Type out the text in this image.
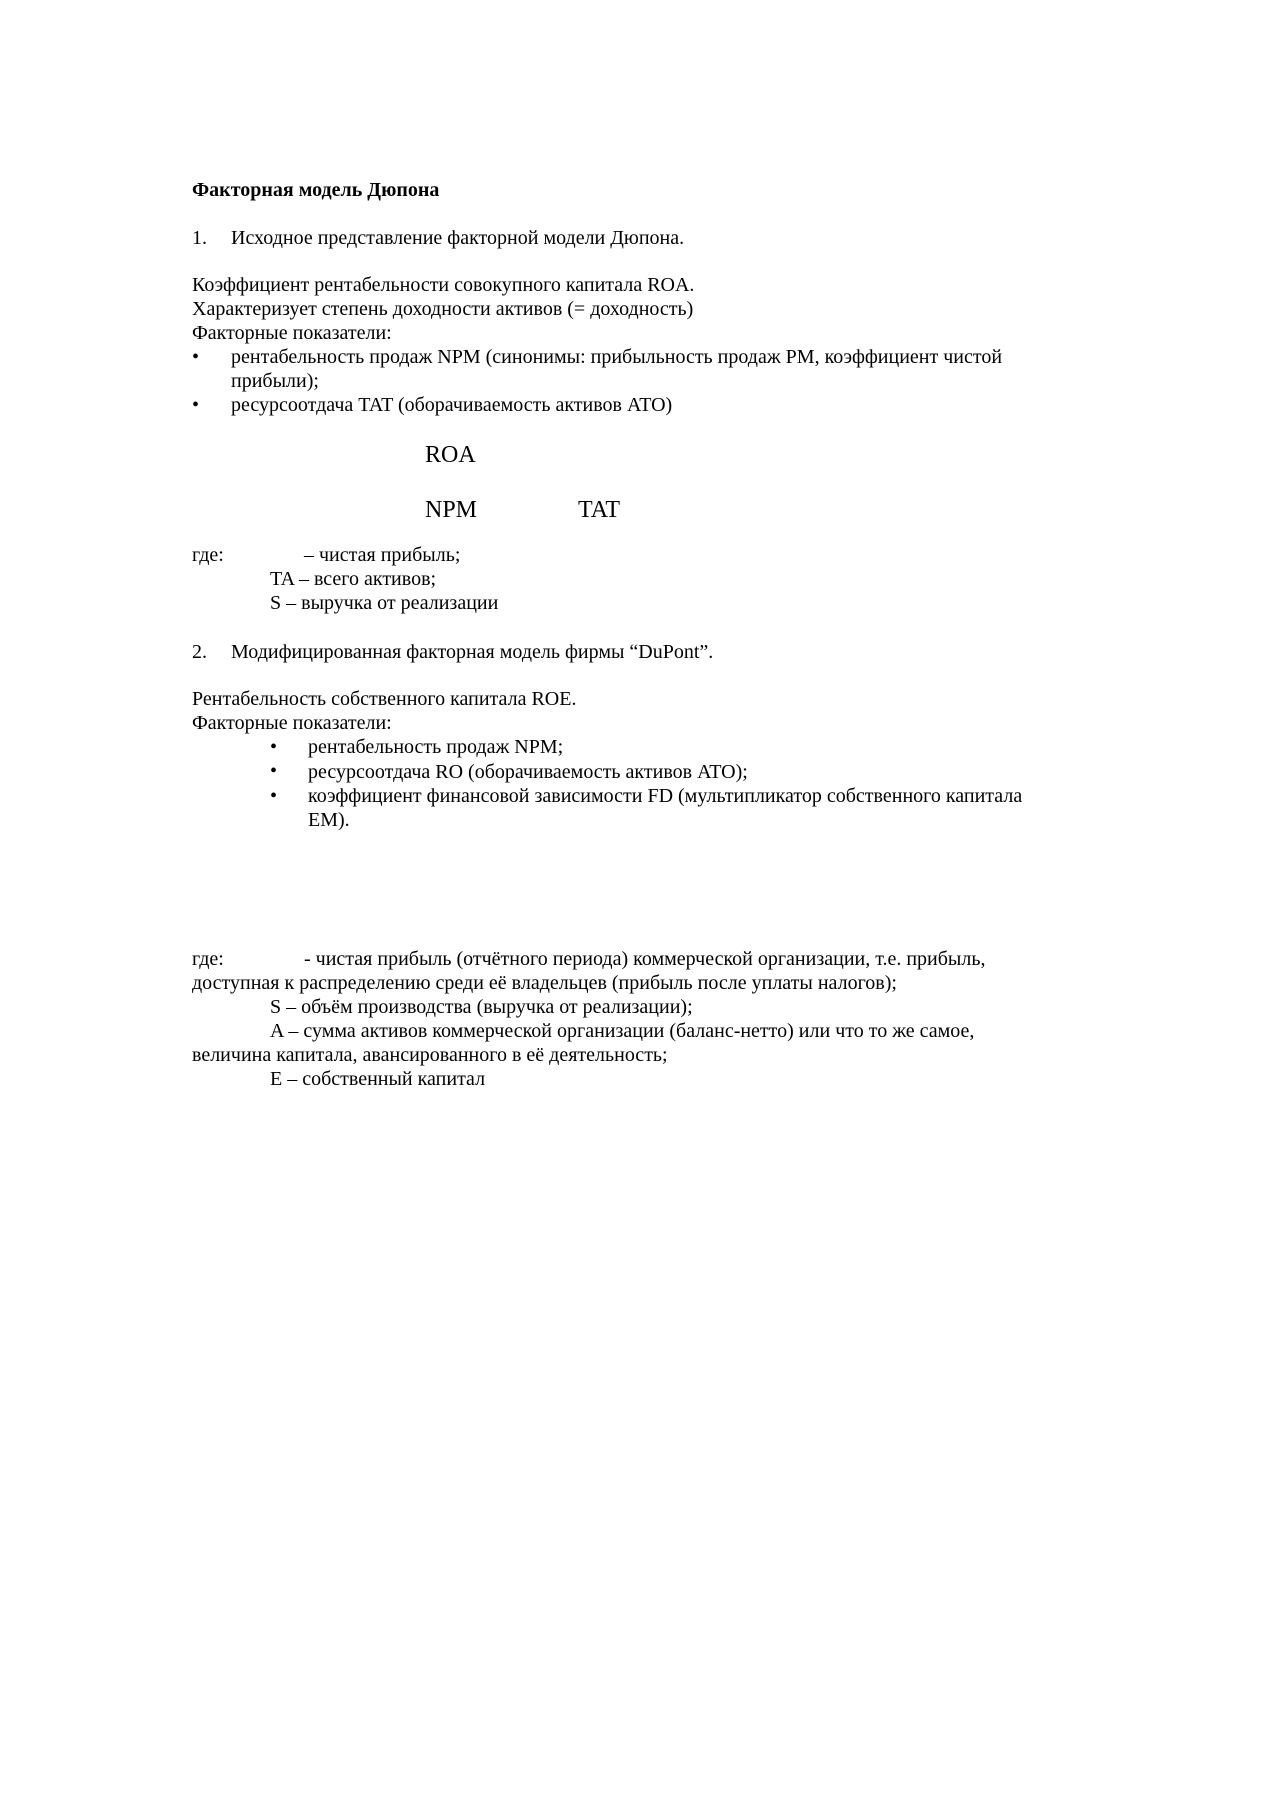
Факторная модель Дюпона
1. Исходное представление факторной модели Дюпона.
Коэффициент рентабельности совокупного капитала ROA.
Характеризует степень доходности активов (= доходность)
Факторные показатели:
• рентабельность продаж NPM (синонимы: прибыльность продаж PM, коэффициент чистой
прибыли);
• ресурсоотдача TAT (оборачиваемость активов ATO)
ROA
NPM	TAT
где:	– чистая прибыль;
TA – всего активов;
S – выручка от реализации
2. Модифицированная факторная модель фирмы “DuPont”.
Рентабельность собственного капитала ROE.
Факторные показатели:
• рентабельность продаж NPM;
• ресурсоотдача RO (оборачиваемость активов ATO);
• коэффициент финансовой зависимости FD (мультипликатор собственного капитала
EM).
где:	- чистая прибыль (отчётного периода) коммерческой организации, т.е. прибыль,
доступная к распределению среди её владельцев (прибыль после уплаты налогов);
S – объём производства (выручка от реализации);
A – сумма активов коммерческой организации (баланс-нетто) или что то же самое,
величина капитала, авансированного в её деятельность;
E – собственный капитал
